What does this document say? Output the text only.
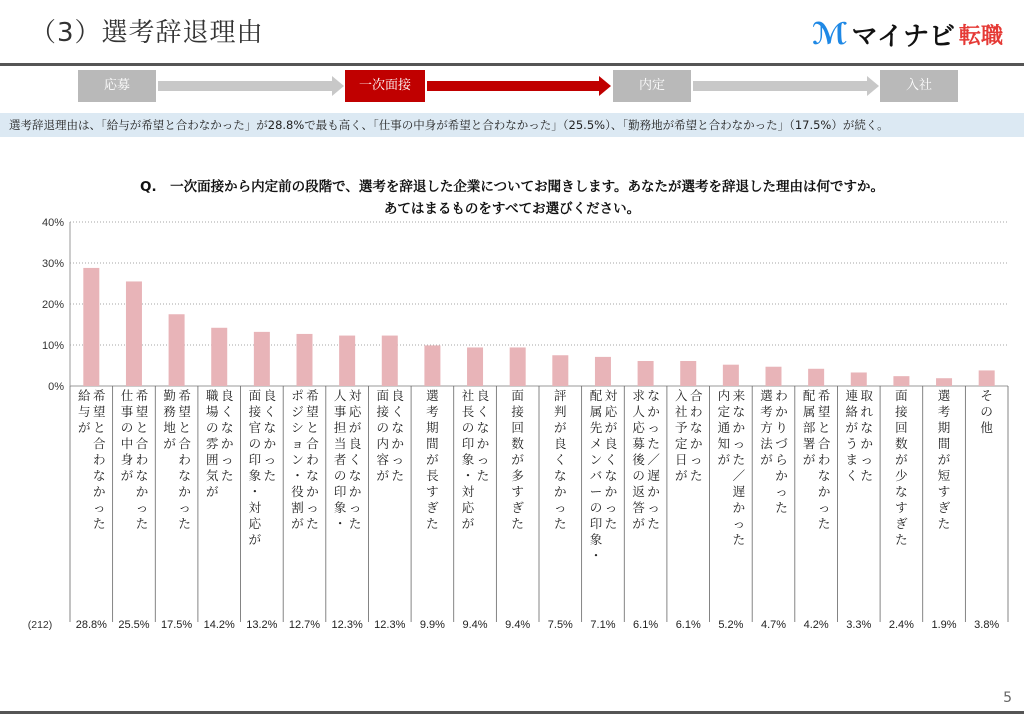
（3）選考辞退理由	ℳ マイナビ 転職
応募	一次面接	内定	入社
選考辞退理由は、「給与が希望と合わなかった」が28.8%で最も高く、「仕事の中身が希望と合わなかった」（25.5%）、「勤務地が希望と合わなかった」（17.5%）が続く。
Q.　一次面接から内定前の段階で、選考を辞退した企業についてお聞きします。あなたが選考を辞退した理由は何ですか。
あてはまるものをすべてお選びください。
0%
10%
20%
30%
40%
(212)
給
与
が
希
望
と
合
わ
な
か
っ
た
28.8%
仕
事
の
中
身
が
希
望
と
合
わ
な
か
っ
た
25.5%
勤
務
地
が
希
望
と
合
わ
な
か
っ
た
17.5%
職
場
の
雰
囲
気
が
良
く
な
か
っ
た
14.2%
面
接
官
の
印
象
・
対
応
が
良
く
な
か
っ
た
13.2%
ポ
ジ
シ
ョ
ン
・
役
割
が
希
望
と
合
わ
な
か
っ
た
12.7%
人
事
担
当
者
の
印
象
・
対
応
が
良
く
な
か
っ
た
12.3%
面
接
の
内
容
が
良
く
な
か
っ
た
12.3%
選
考
期
間
が
長
す
ぎ
た
9.9%
社
長
の
印
象
・
対
応
が
良
く
な
か
っ
た
9.4%
面
接
回
数
が
多
す
ぎ
た
9.4%
評
判
が
良
く
な
か
っ
た
7.5%
配
属
先
メ
ン
バ
ー
の
印
象
・
対
応
が
良
く
な
か
っ
た
7.1%
求
人
応
募
後
の
返
答
が
な
か
っ
た
／
遅
か
っ
た
6.1%
入
社
予
定
日
が
合
わ
な
か
っ
た
6.1%
内
定
通
知
が
来
な
か
っ
た
／
遅
か
っ
た
5.2%
選
考
方
法
が
わ
か
り
づ
ら
か
っ
た
4.7%
配
属
部
署
が
希
望
と
合
わ
な
か
っ
た
4.2%
連
絡
が
う
ま
く
取
れ
な
か
っ
た
3.3%
面
接
回
数
が
少
な
す
ぎ
た
2.4%
選
考
期
間
が
短
す
ぎ
た
1.9%
そ
の
他
3.8%
5
